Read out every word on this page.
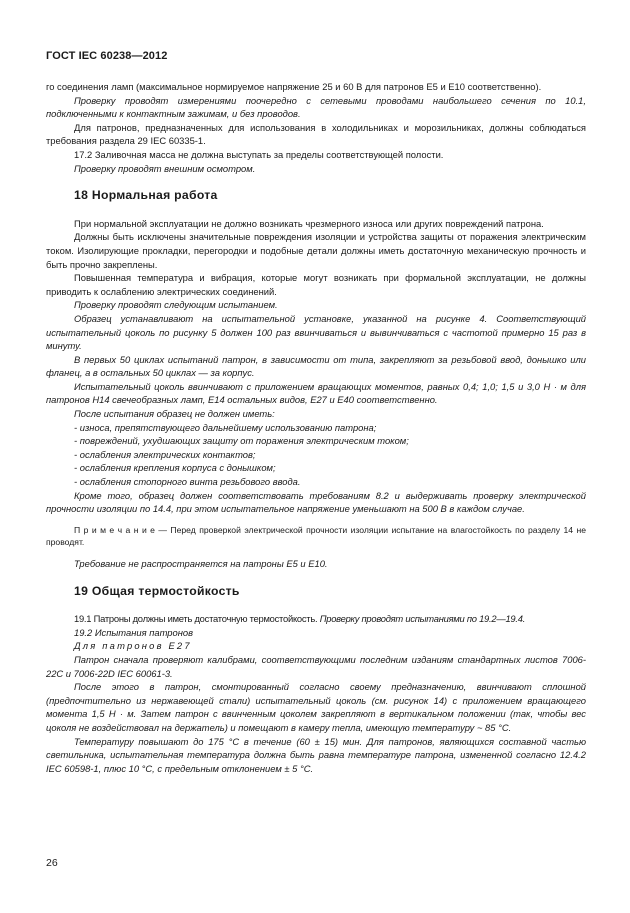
ГОСТ IEC 60238—2012

го соединения ламп (максимальное нормируемое напряжение 25 и 60 В для патронов Е5 и Е10 соответственно).

Проверку проводят измерениями поочередно с сетевыми проводами наибольшего сечения по 10.1, подключенными к контактным зажимам, и без проводов.

Для патронов, предназначенных для использования в холодильниках и морозильниках, должны соблюдаться требования раздела 29 IEC 60335-1.

17.2 Заливочная масса не должна выступать за пределы соответствующей полости.

Проверку проводят внешним осмотром.

18 Нормальная работа

При нормальной эксплуатации не должно возникать чрезмерного износа или других повреждений патрона.

Должны быть исключены значительные повреждения изоляции и устройства защиты от поражения электрическим током. Изолирующие прокладки, перегородки и подобные детали должны иметь достаточную механическую прочность и быть прочно закреплены.

Повышенная температура и вибрация, которые могут возникать при формальной эксплуатации, не должны приводить к ослаблению электрических соединений.

Проверку проводят следующим испытанием.

Образец устанавливают на испытательной установке, указанной на рисунке 4. Соответствующий испытательный цоколь по рисунку 5 должен 100 раз ввинчиваться и вывинчиваться с частотой примерно 15 раз в минуту.

В первых 50 циклах испытаний патрон, в зависимости от типа, закрепляют за резьбовой ввод, донышко или фланец, а в остальных 50 циклах — за корпус.

Испытательный цоколь ввинчивают с приложением вращающих моментов, равных 0,4; 1,0; 1,5 и 3,0 Н · м для патронов Н14 свечеобразных ламп, Е14 остальных видов, Е27 и Е40 соответственно.

После испытания образец не должен иметь:

- износа, препятствующего дальнейшему использованию патрона;

- повреждений, ухудшающих защиту от поражения электрическим током;

- ослабления электрических контактов;

- ослабления крепления корпуса с донышком;

- ослабления стопорного винта резьбового ввода.

Кроме того, образец должен соответствовать требованиям 8.2 и выдерживать проверку электрической прочности изоляции по 14.4, при этом испытательное напряжение уменьшают на 500 В в каждом случае.

П р и м е ч а н и е — Перед проверкой электрической прочности изоляции испытание на влагостойкость по разделу 14 не проводят.

Требование не распространяется на патроны Е5 и Е10.

19 Общая термостойкость

19.1 Патроны должны иметь достаточную термостойкость. Проверку проводят испытаниями по 19.2—19.4.

19.2 Испытания патронов

Для патронов Е27

Патрон сначала проверяют калибрами, соответствующими последним изданиям стандартных листов 7006-22С и 7006-22D IEC 60061-3.

После этого в патрон, смонтированный согласно своему предназначению, ввинчивают сплошной (предпочтительно из нержавеющей стали) испытательный цоколь (см. рисунок 14) с приложением вращающего момента 1,5 Н · м. Затем патрон с ввинченным цоколем закрепляют в вертикальном положении (так, чтобы вес цоколя не воздействовал на держатель) и помещают в камеру тепла, имеющую температуру ~ 85 °С.

Температуру повышают до 175 °С в течение (60 ± 15) мин. Для патронов, являющихся составной частью светильника, испытательная температура должна быть равна температуре патрона, измененной согласно 12.4.2 IEC 60598-1, плюс 10 °С, с предельным отклонением ± 5 °С.

26
